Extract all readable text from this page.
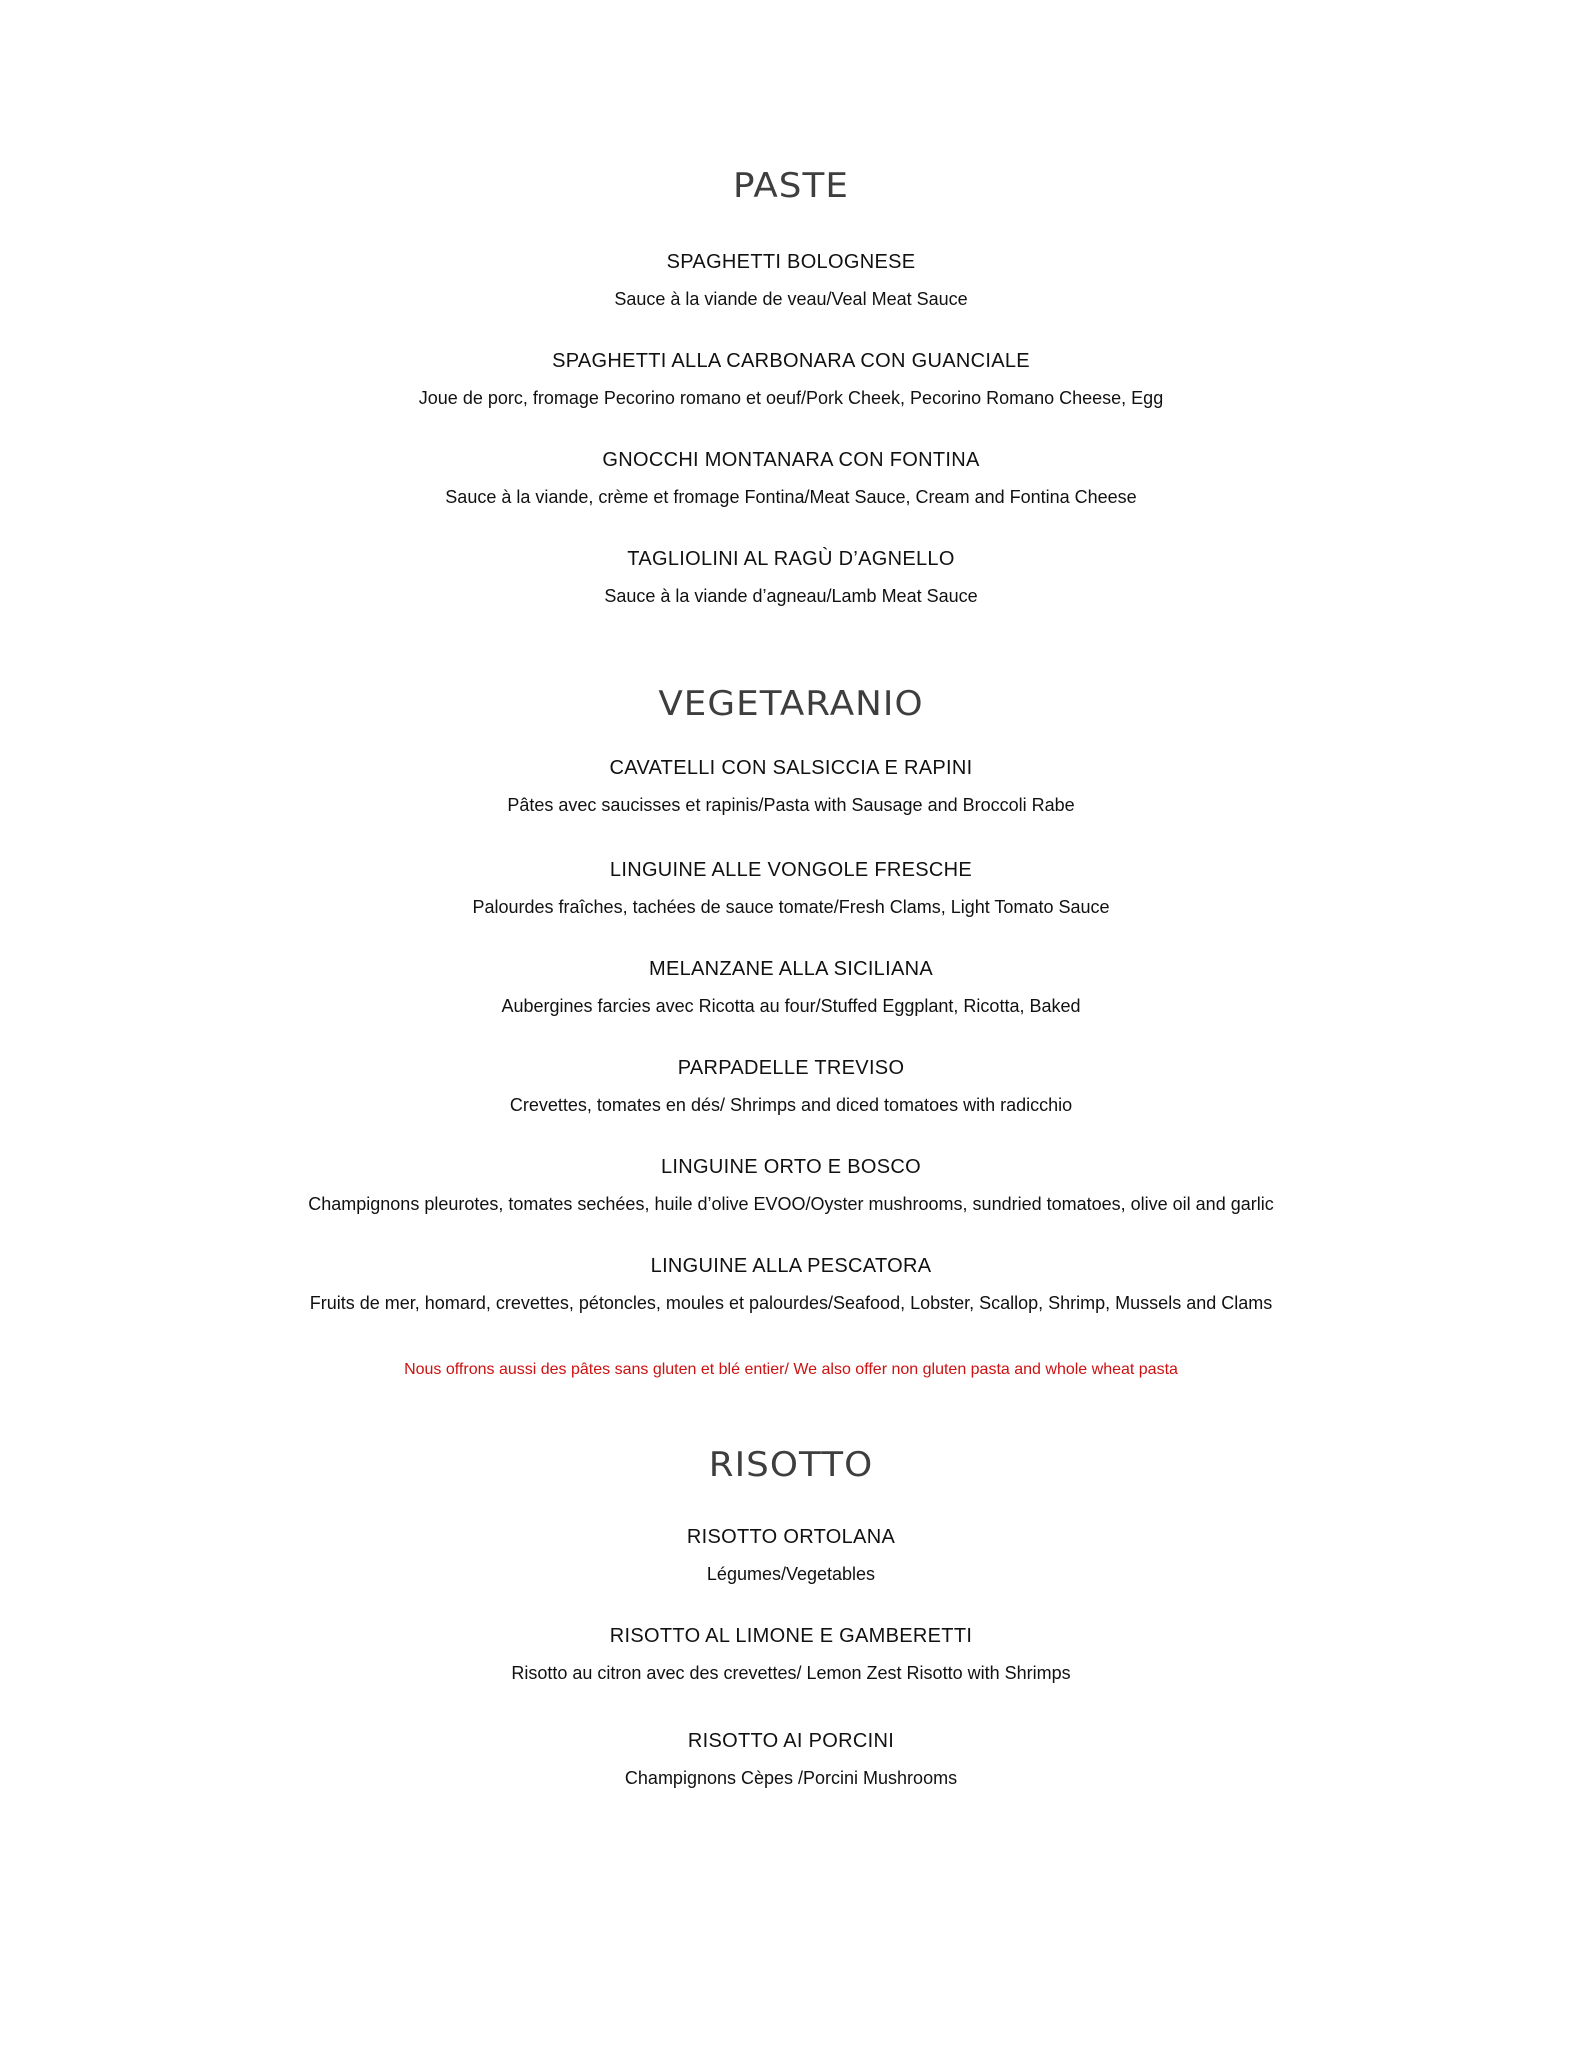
PASTE
SPAGHETTI BOLOGNESE
Sauce à la viande de veau/Veal Meat Sauce
SPAGHETTI ALLA CARBONARA CON GUANCIALE
Joue de porc, fromage Pecorino romano et oeuf/Pork Cheek, Pecorino Romano Cheese, Egg
GNOCCHI MONTANARA CON FONTINA
Sauce à la viande, crème et fromage Fontina/Meat Sauce, Cream and Fontina Cheese
TAGLIOLINI AL RAGÙ D’AGNELLO
Sauce à la viande d’agneau/Lamb Meat Sauce
VEGETARANIO
CAVATELLI CON SALSICCIA E RAPINI
Pâtes avec saucisses et rapinis/Pasta with Sausage and Broccoli Rabe
LINGUINE ALLE VONGOLE FRESCHE
Palourdes fraîches, tachées de sauce tomate/Fresh Clams, Light Tomato Sauce
MELANZANE ALLA SICILIANA
Aubergines farcies avec Ricotta au four/Stuffed Eggplant, Ricotta, Baked
PARPADELLE TREVISO
Crevettes, tomates en dés/ Shrimps and diced tomatoes with radicchio
LINGUINE ORTO E BOSCO
Champignons pleurotes, tomates sechées, huile d’olive EVOO/Oyster mushrooms, sundried tomatoes, olive oil and garlic
LINGUINE ALLA PESCATORA
Fruits de mer, homard, crevettes, pétoncles, moules et palourdes/Seafood, Lobster, Scallop, Shrimp, Mussels and Clams
Nous offrons aussi des pâtes sans gluten et blé entier/ We also offer non gluten pasta and whole wheat pasta
RISOTTO
RISOTTO ORTOLANA
Légumes/Vegetables
RISOTTO AL LIMONE E GAMBERETTI
Risotto au citron avec des crevettes/ Lemon Zest Risotto with Shrimps
RISOTTO AI PORCINI
Champignons Cèpes /Porcini Mushrooms
